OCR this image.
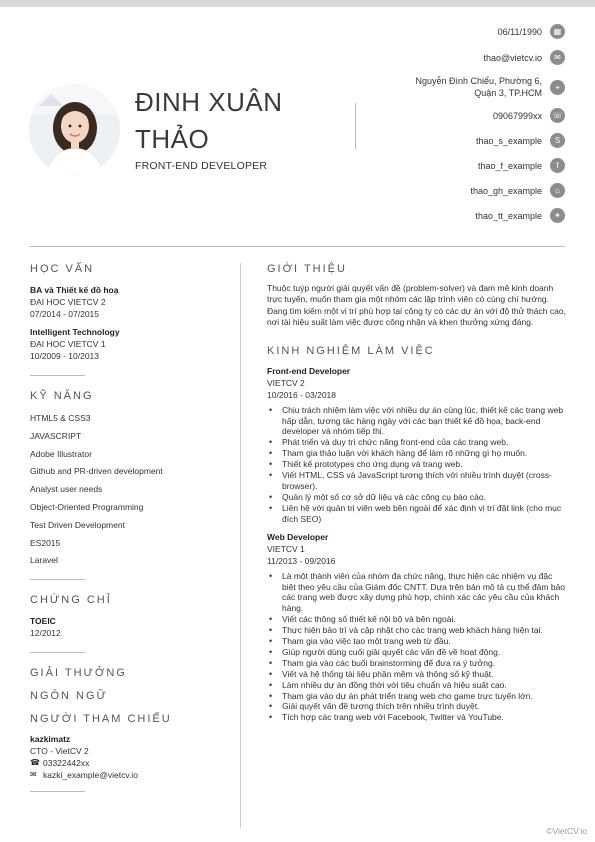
ĐINH XUÂN
THẢO
FRONT-END DEVELOPER
06/11/1990	▦
thao@vietcv.io	✉
Nguyễn Đình Chiểu, Phường 6,
Quận 3, TP.HCM
⌖
09067999xx	☏
thao_s_example	S
thao_f_example	f
thao_gh_example	⌂
thao_tt_example	✦
HỌC VẤN
BA và Thiết kế đồ hoạ
ĐẠI HỌC VIETCV 2
07/2014 - 07/2015
Intelligent Technology
ĐẠI HỌC VIETCV 1
10/2009 - 10/2013
KỸ NĂNG
HTML5 & CSS3
JAVASCRIPT
Adobe Illustrator
Github and PR-driven development
Analyst user needs
Object-Oriented Programming
Test Driven Development
ES2015
Laravel
CHỨNG CHỈ
TOEIC
12/2012
GIẢI THƯỞNG
NGÔN NGỮ
NGƯỜI THAM CHIẾU
kazkimatz
CTO - VietCV 2
☎ 03322442xx
✉ kazki_example@vietcv.io
GIỚI THIỆU
Thuộc tuýp người giải quyết vấn đề (problem-solver) và đam mê kinh doanh trực tuyến, muốn tham gia một nhóm các lập trình viên có cùng chí hướng. Đang tìm kiếm một vị trí phù hợp tại công ty có các dự án với độ thử thách cao, nơi tài hiệu suất làm việc được công nhận và khen thưởng xứng đáng.
KINH NGHIỆM LÀM VIỆC
Front-end Developer
VIETCV 2
10/2016 - 03/2018
• Chịu trách nhiệm làm việc với nhiều dự án cùng lúc, thiết kế các trang web hấp dẫn, tương tác hàng ngày với các bạn thiết kế đồ họa, back-end developer và nhóm tiếp thị.
• Phát triển và duy trì chức năng front-end của các trang web.
• Tham gia thảo luận với khách hàng để làm rõ những gì họ muốn.
• Thiết kế prototypes cho ứng dụng và trang web.
• Viết HTML, CSS và JavaScript tương thích với nhiều trình duyệt (cross-browser).
• Quản lý một số cơ sở dữ liệu và các công cụ báo cáo.
• Liên hệ với quản trị viên web bên ngoài để xác định vị trí đặt link (cho mục đích SEO)
Web Developer
VIETCV 1
11/2013 - 09/2016
• Là một thành viên của nhóm đa chức năng, thực hiện các nhiệm vụ đặc biệt theo yêu cầu của Giám đốc CNTT. Dựa trên bản mô tả cụ thể đảm bảo các trang web được xây dựng phù hợp, chính xác các yêu cầu của khách hàng.
• Viết các thông số thiết kế nội bộ và bên ngoài.
• Thực hiện bảo trì và cập nhật cho các trang web khách hàng hiện tại.
• Tham gia vào việc tạo một trang web từ đầu.
• Giúp người dùng cuối giải quyết các vấn đề về hoạt động.
• Tham gia vào các buổi brainstorming để đưa ra ý tưởng.
• Viết và hệ thống tài liệu phần mềm và thông số kỹ thuật.
• Làm nhiều dự án đồng thời với tiêu chuẩn và hiệu suất cao.
• Tham gia vào dự án phát triển trang web cho game trực tuyến lớn.
• Giải quyết vấn đề tương thích trên nhiều trình duyệt.
• Tích hợp các trang web với Facebook, Twitter và YouTube.
©VietCV.io
